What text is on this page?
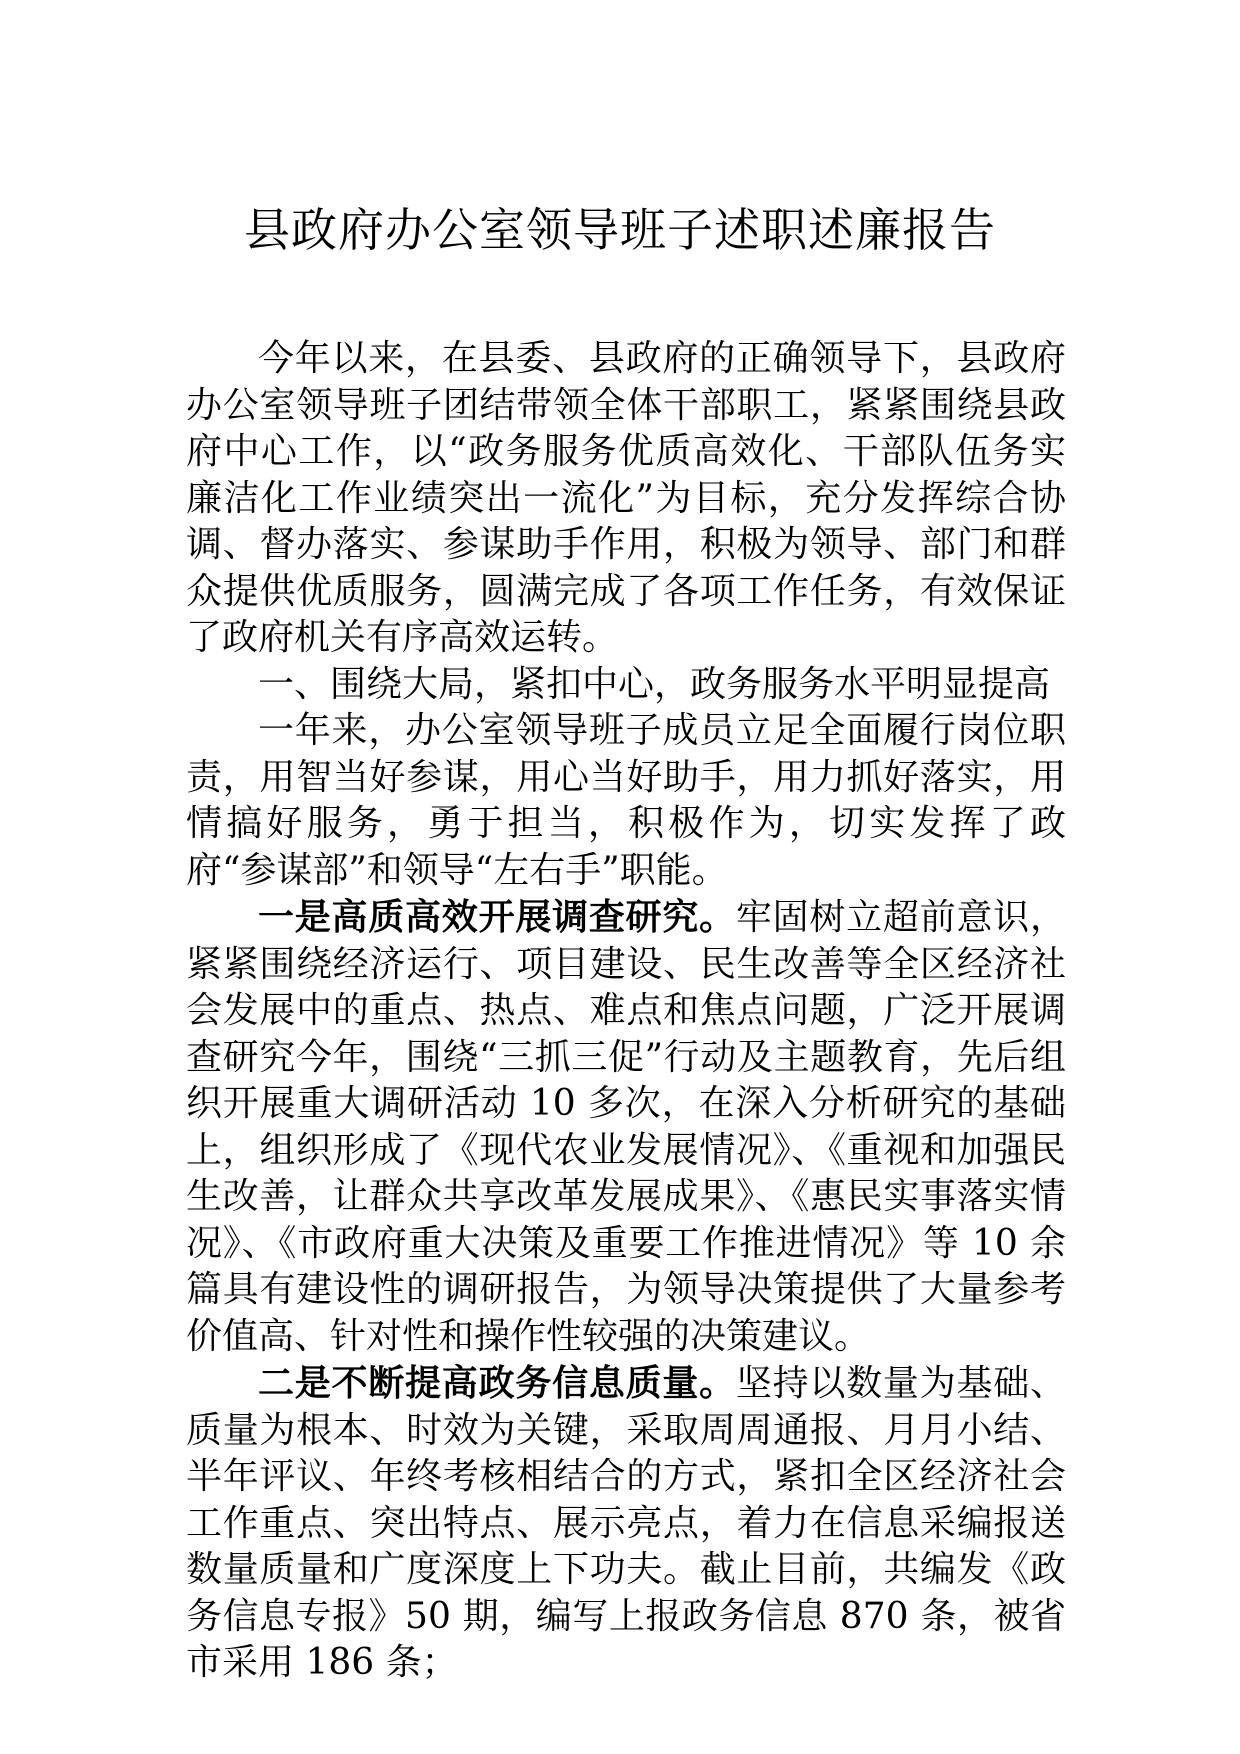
县政府办公室领导班子述职述廉报告

今年以来，在县委、县政府的正确领导下，县政府办公室领导班子团结带领全体干部职工，紧紧围绕县政府中心工作，以“政务服务优质高效化、干部队伍务实廉洁化工作业绩突出一流化”为目标，充分发挥综合协调、督办落实、参谋助手作用，积极为领导、部门和群众提供优质服务，圆满完成了各项工作任务，有效保证了政府机关有序高效运转。

一、围绕大局，紧扣中心，政务服务水平明显提高

一年来，办公室领导班子成员立足全面履行岗位职责，用智当好参谋，用心当好助手，用力抓好落实，用情搞好服务，勇于担当，积极作为，切实发挥了政府“参谋部”和领导“左右手”职能。

一是高质高效开展调查研究。牢固树立超前意识，紧紧围绕经济运行、项目建设、民生改善等全区经济社会发展中的重点、热点、难点和焦点问题，广泛开展调查研究今年，围绕“三抓三促”行动及主题教育，先后组织开展重大调研活动 10 多次，在深入分析研究的基础上，组织形成了《现代农业发展情况》、《重视和加强民生改善，让群众共享改革发展成果》、《惠民实事落实情况》、《市政府重大决策及重要工作推进情况》等 10 余篇具有建设性的调研报告，为领导决策提供了大量参考价值高、针对性和操作性较强的决策建议。

二是不断提高政务信息质量。坚持以数量为基础、质量为根本、时效为关键，采取周周通报、月月小结、半年评议、年终考核相结合的方式，紧扣全区经济社会工作重点、突出特点、展示亮点，着力在信息采编报送数量质量和广度深度上下功夫。截止目前，共编发《政务信息专报》50 期，编写上报政务信息 870 条，被省市采用 186 条；
